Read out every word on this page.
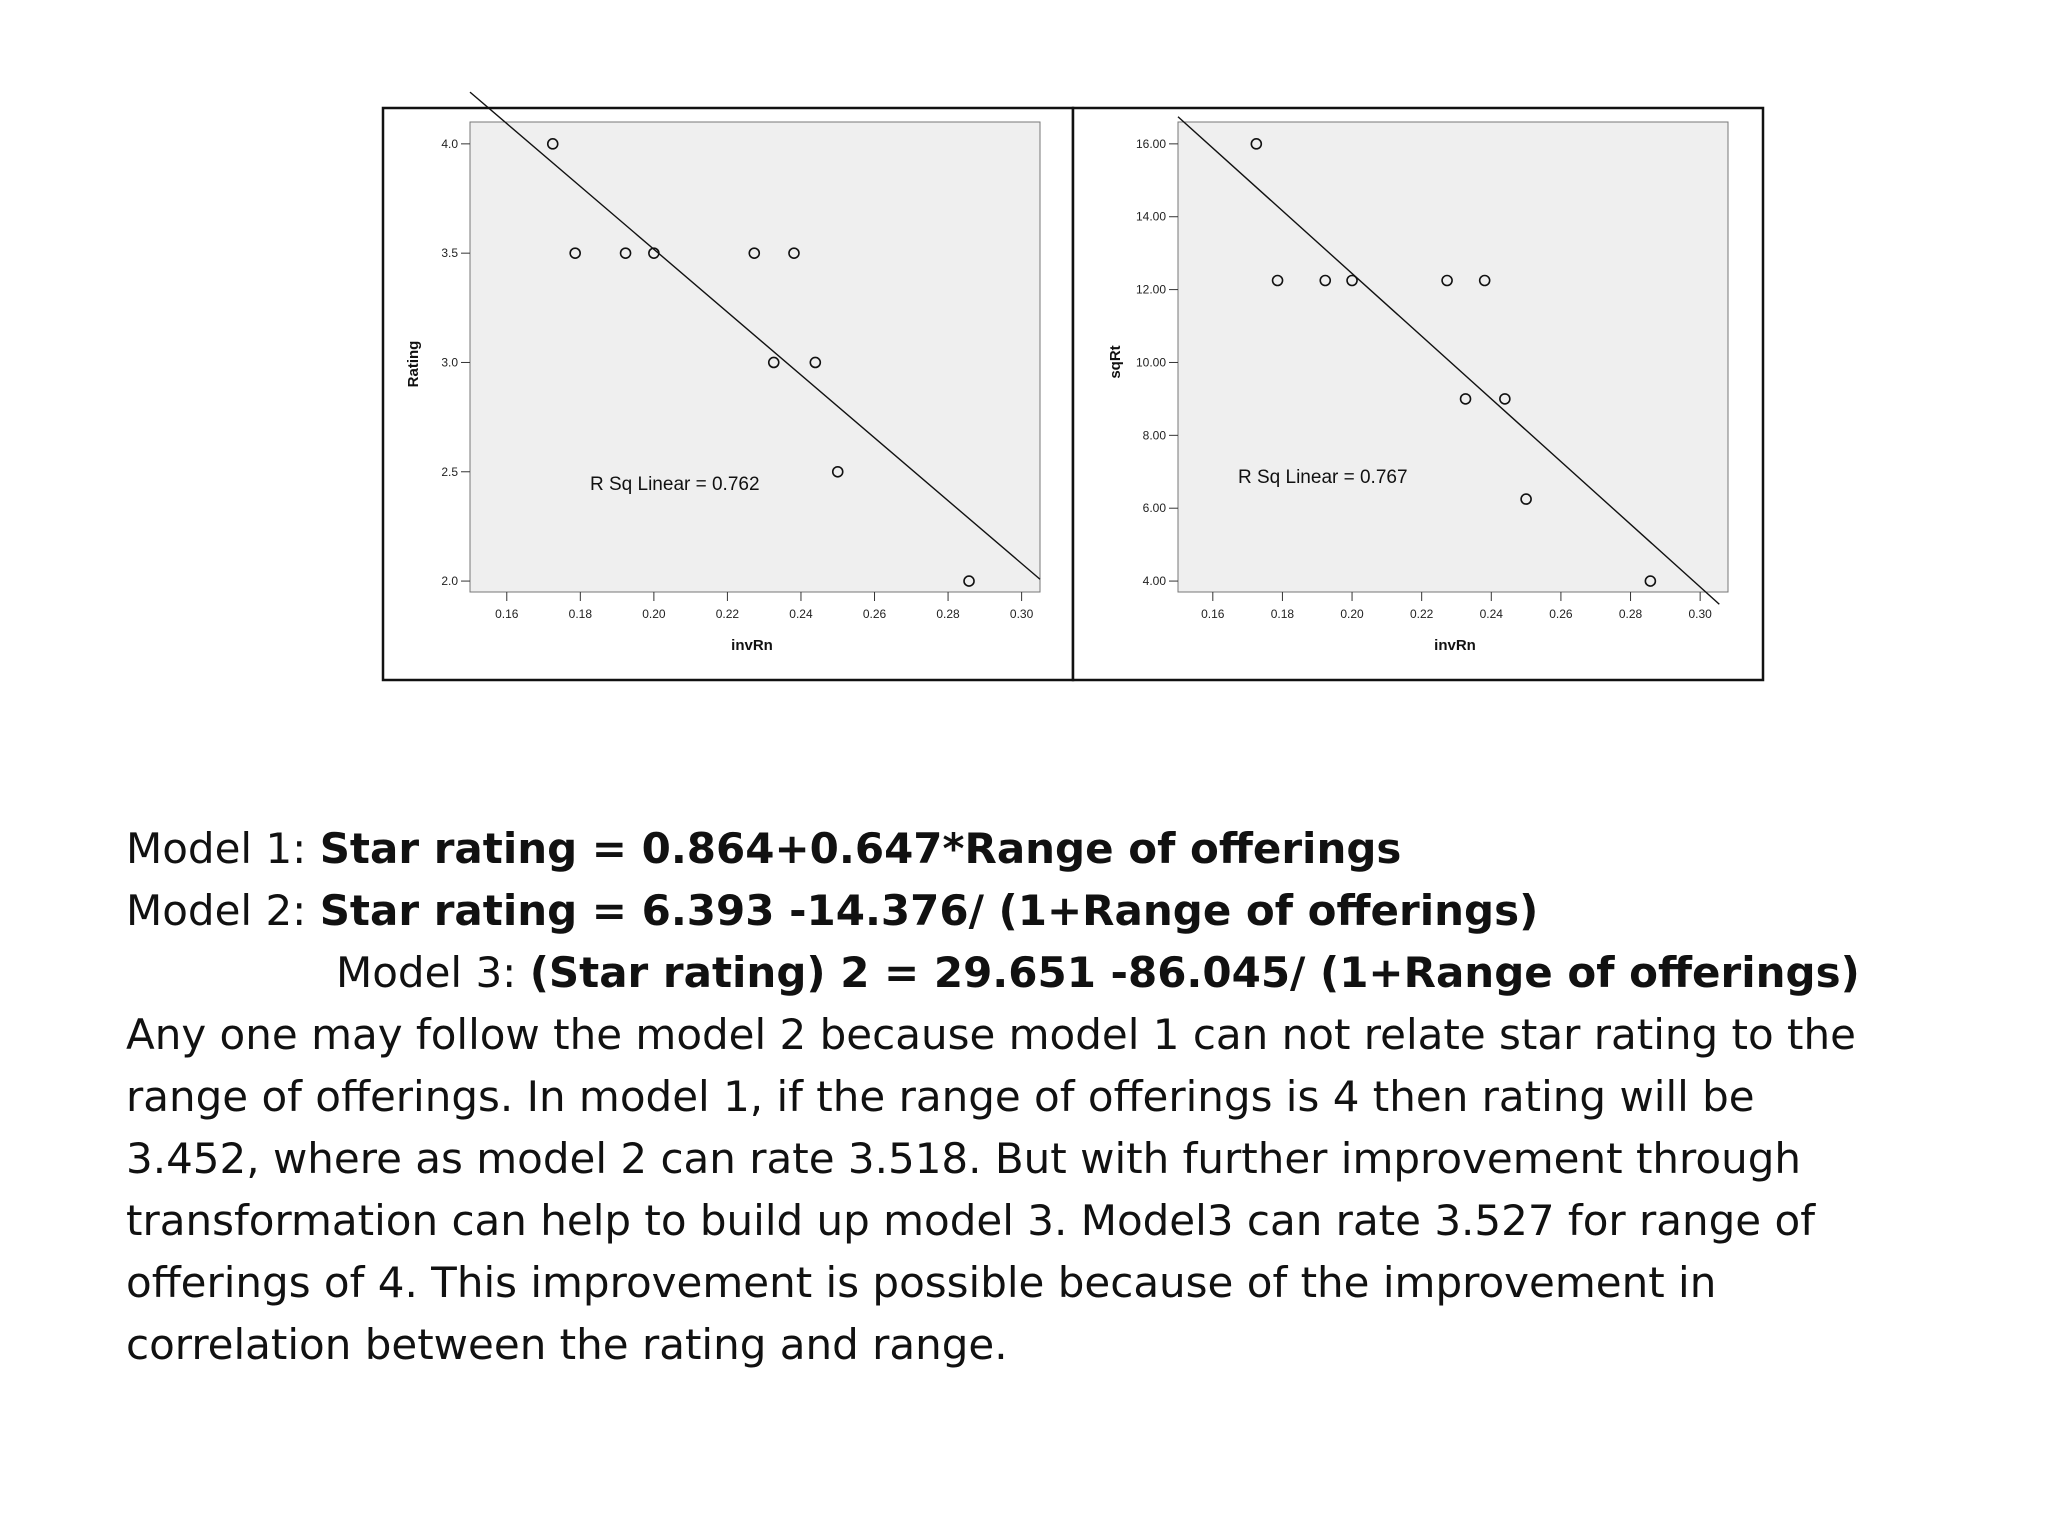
2.0
2.5
3.0
3.5
4.0
0.16	0.18	0.20	0.22	0.24	0.26	0.28	0.30
R Sq Linear = 0.762
invRn
Rating
4.00
6.00
8.00
10.00
12.00
14.00
16.00
0.16	0.18	0.20	0.22	0.24	0.26	0.28	0.30
R Sq Linear = 0.767
invRn
sqRt
Model 1: Star rating = 0.864+0.647*Range of offerings
Model 2: Star rating = 6.393 -14.376/ (1+Range of offerings)
Model 3: (Star rating) 2 = 29.651 -86.045/ (1+Range of offerings)
Any one may follow the model 2 because model 1 can not relate star rating to the
range of offerings. In model 1, if the range of offerings is 4 then rating will be
3.452, where as model 2 can rate 3.518. But with further improvement through
transformation can help to build up model 3. Model3 can rate 3.527 for range of
offerings of 4. This improvement is possible because of the improvement in
correlation between the rating and range.
